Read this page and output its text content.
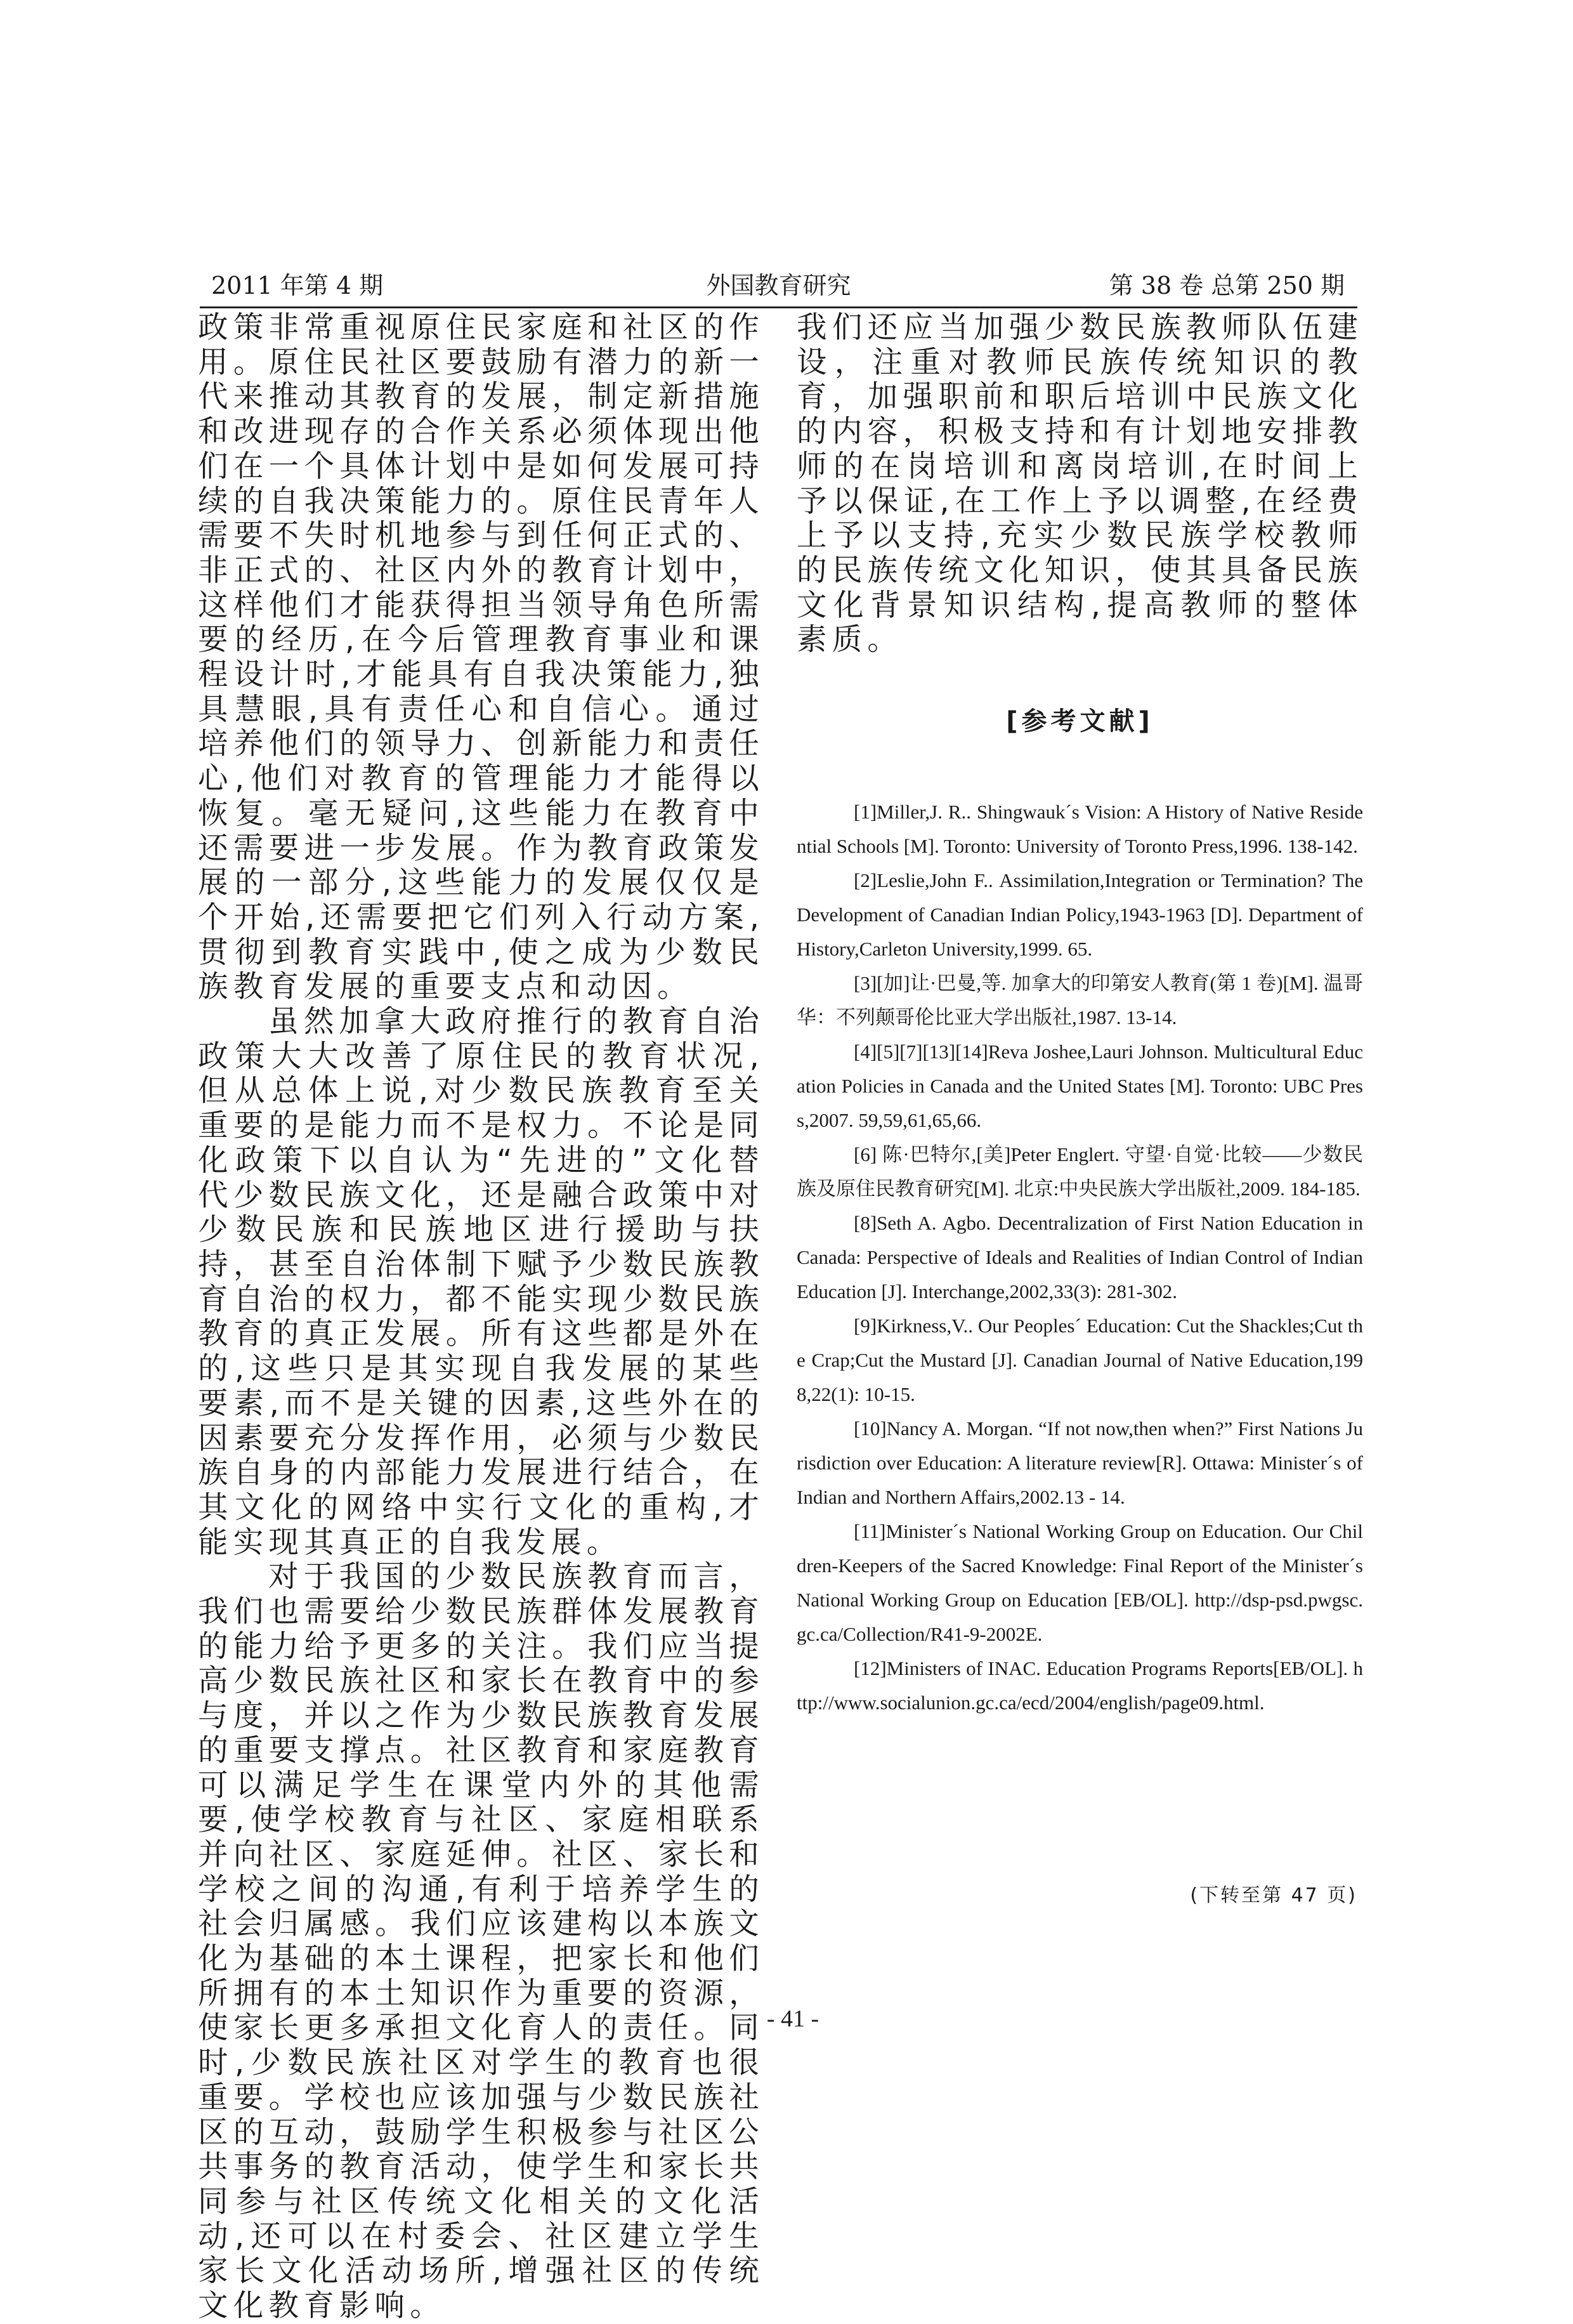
2011 年第 4 期	外国教育研究	第 38 卷 总第 250 期

政策非常重视原住民家庭和社区的作用。原住民社区要鼓励有潜力的新一代来推动其教育的发展，制定新措施和改进现存的合作关系必须体现出他们在一个具体计划中是如何发展可持续的自我决策能力的。原住民青年人需要不失时机地参与到任何正式的、非正式的、社区内外的教育计划中，这样他们才能获得担当领导角色所需要的经历,在今后管理教育事业和课程设计时,才能具有自我决策能力,独具慧眼,具有责任心和自信心。通过培养他们的领导力、创新能力和责任心,他们对教育的管理能力才能得以恢复。毫无疑问,这些能力在教育中还需要进一步发展。作为教育政策发展的一部分,这些能力的发展仅仅是个开始,还需要把它们列入行动方案,贯彻到教育实践中,使之成为少数民族教育发展的重要支点和动因。

虽然加拿大政府推行的教育自治政策大大改善了原住民的教育状况,但从总体上说,对少数民族教育至关重要的是能力而不是权力。不论是同化政策下以自认为“先进的”文化替代少数民族文化，还是融合政策中对少数民族和民族地区进行援助与扶持，甚至自治体制下赋予少数民族教育自治的权力，都不能实现少数民族教育的真正发展。所有这些都是外在的,这些只是其实现自我发展的某些要素,而不是关键的因素,这些外在的因素要充分发挥作用，必须与少数民族自身的内部能力发展进行结合，在其文化的网络中实行文化的重构,才能实现其真正的自我发展。

对于我国的少数民族教育而言，我们也需要给少数民族群体发展教育的能力给予更多的关注。我们应当提高少数民族社区和家长在教育中的参与度，并以之作为少数民族教育发展的重要支撑点。社区教育和家庭教育可以满足学生在课堂内外的其他需要,使学校教育与社区、家庭相联系并向社区、家庭延伸。社区、家长和学校之间的沟通,有利于培养学生的社会归属感。我们应该建构以本族文化为基础的本土课程，把家长和他们所拥有的本土知识作为重要的资源，使家长更多承担文化育人的责任。同时,少数民族社区对学生的教育也很重要。学校也应该加强与少数民族社区的互动，鼓励学生积极参与社区公共事务的教育活动，使学生和家长共同参与社区传统文化相关的文化活动,还可以在村委会、社区建立学生家长文化活动场所,增强社区的传统文化教育影响。

我们还应当加强少数民族教师队伍建设，注重对教师民族传统知识的教育，加强职前和职后培训中民族文化的内容，积极支持和有计划地安排教师的在岗培训和离岗培训,在时间上予以保证,在工作上予以调整,在经费上予以支持,充实少数民族学校教师的民族传统文化知识，使其具备民族文化背景知识结构,提高教师的整体素质。

[参考文献]

[1]Miller,J. R.. Shingwauk´s Vision: A History of Native Residential Schools [M]. Toronto: University of Toronto Press,1996. 138-142.

[2]Leslie,John F.. Assimilation,Integration or Termination? The Development of Canadian Indian Policy,1943-1963 [D]. Department of History,Carleton University,1999. 65.

[3][加]让·巴曼,等. 加拿大的印第安人教育(第 1 卷)[M]. 温哥华：不列颠哥伦比亚大学出版社,1987. 13-14.

[4][5][7][13][14]Reva Joshee,Lauri Johnson. Multicultural Education Policies in Canada and the United States [M]. Toronto: UBC Press,2007. 59,59,61,65,66.

[6] 陈·巴特尔,[美]Peter Englert. 守望·自觉·比较——少数民族及原住民教育研究[M]. 北京:中央民族大学出版社,2009. 184-185.

[8]Seth A. Agbo. Decentralization of First Nation Education in Canada: Perspective of Ideals and Realities of Indian Control of Indian Education [J]. Interchange,2002,33(3): 281-302.

[9]Kirkness,V.. Our Peoples´ Education: Cut the Shackles;Cut the Crap;Cut the Mustard [J]. Canadian Journal of Native Education,1998,22(1): 10-15.

[10]Nancy A. Morgan. “If not now,then when?” First Nations Jurisdiction over Education: A literature review[R]. Ottawa: Minister´s of Indian and Northern Affairs,2002.13 - 14.

[11]Minister´s National Working Group on Education. Our Children-Keepers of the Sacred Knowledge: Final Report of the Minister´s National Working Group on Education [EB/OL]. http://dsp-psd.pwgsc.gc.ca/Collection/R41-9-2002E.

[12]Ministers of INAC. Education Programs Reports[EB/OL]. http://www.socialunion.gc.ca/ecd/2004/english/page09.html.

(下转至第 47 页)
- 41 -
